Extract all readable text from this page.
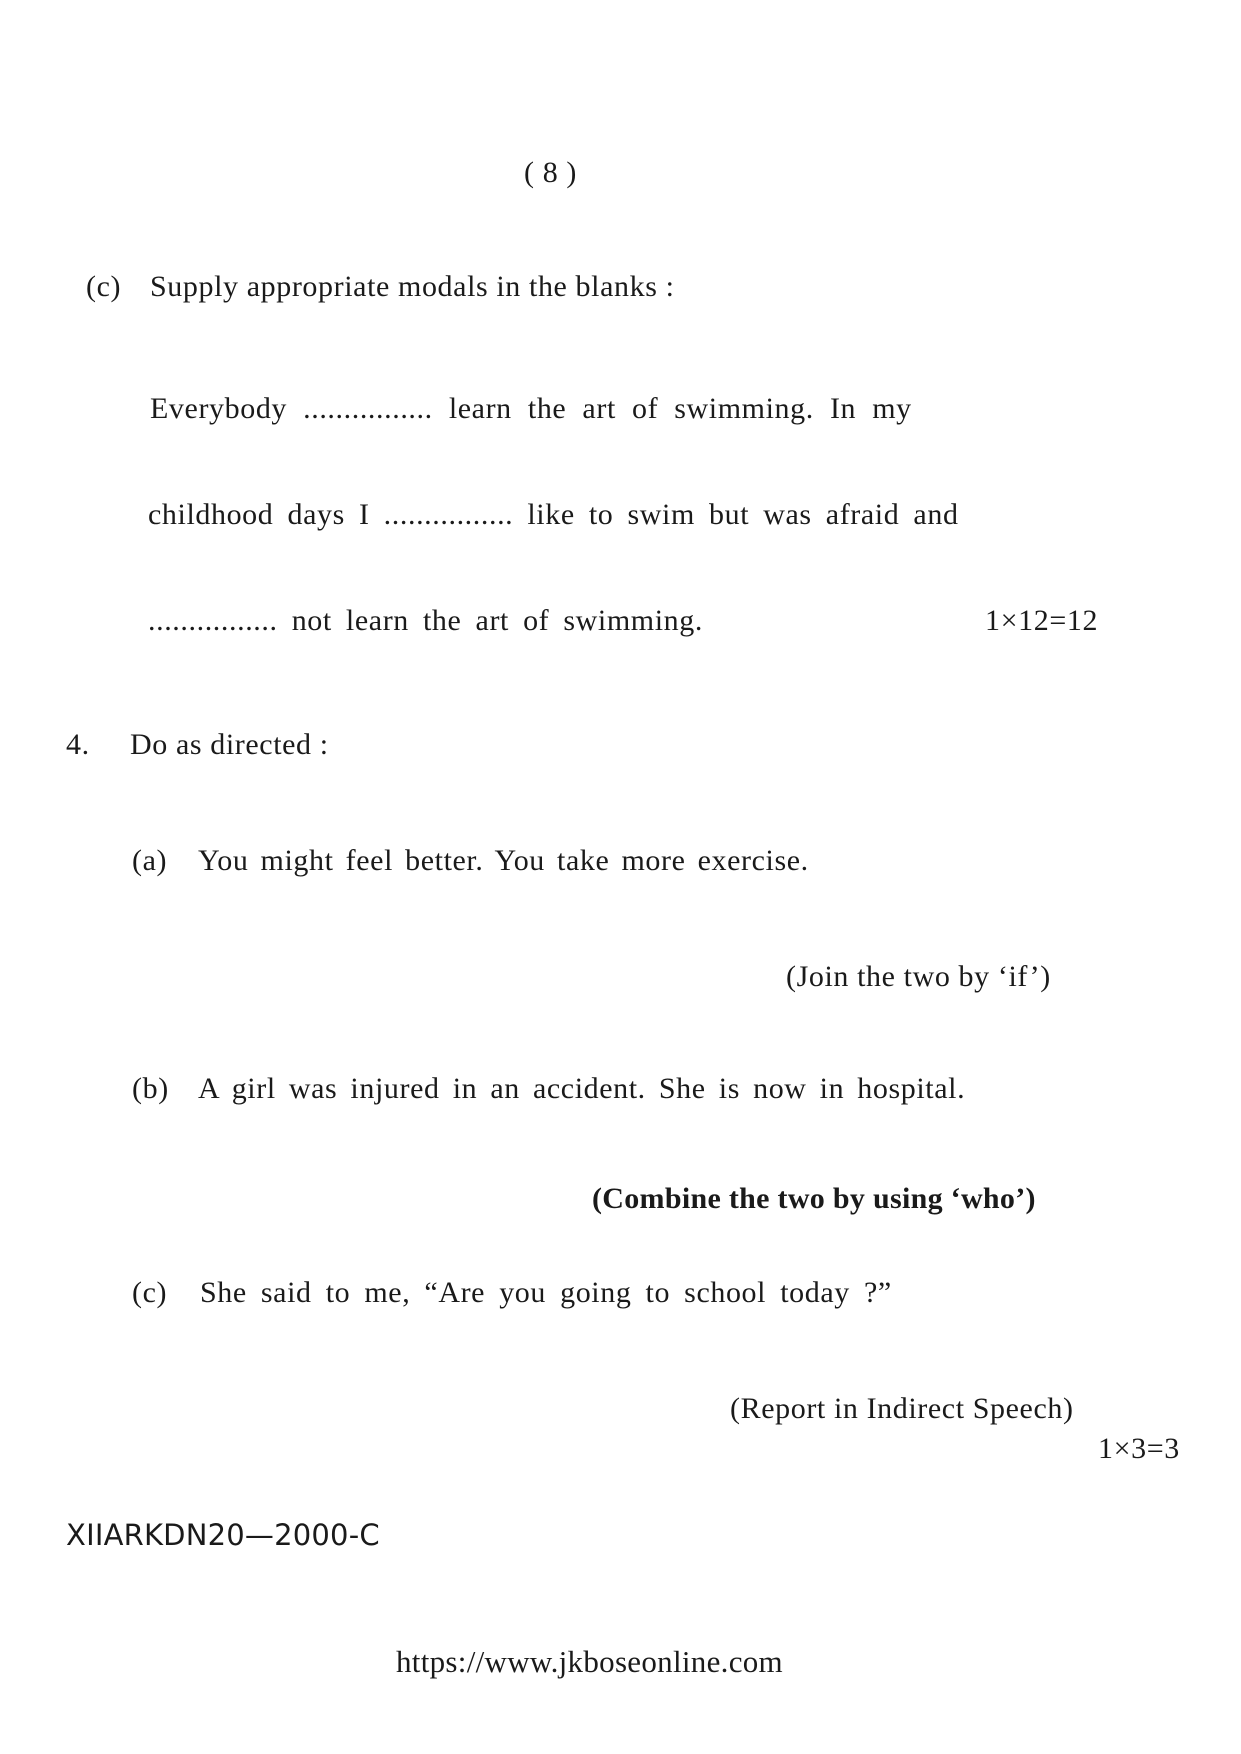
( 8 )
(c) Supply appropriate modals in the blanks :
Everybody ................ learn the art of swimming. In my
childhood days I ................ like to swim but was afraid and
................ not learn the art of swimming.	1×12=12
4. Do as directed :
(a) You might feel better. You take more exercise.
(Join the two by ‘if’)
(b) A girl was injured in an accident. She is now in hospital.
(Combine the two by using ‘who’)
(c) She said to me, “Are you going to school today ?”
(Report in Indirect Speech)
1×3=3
XIIARKDN20—2000-C
https://www.jkboseonline.com
